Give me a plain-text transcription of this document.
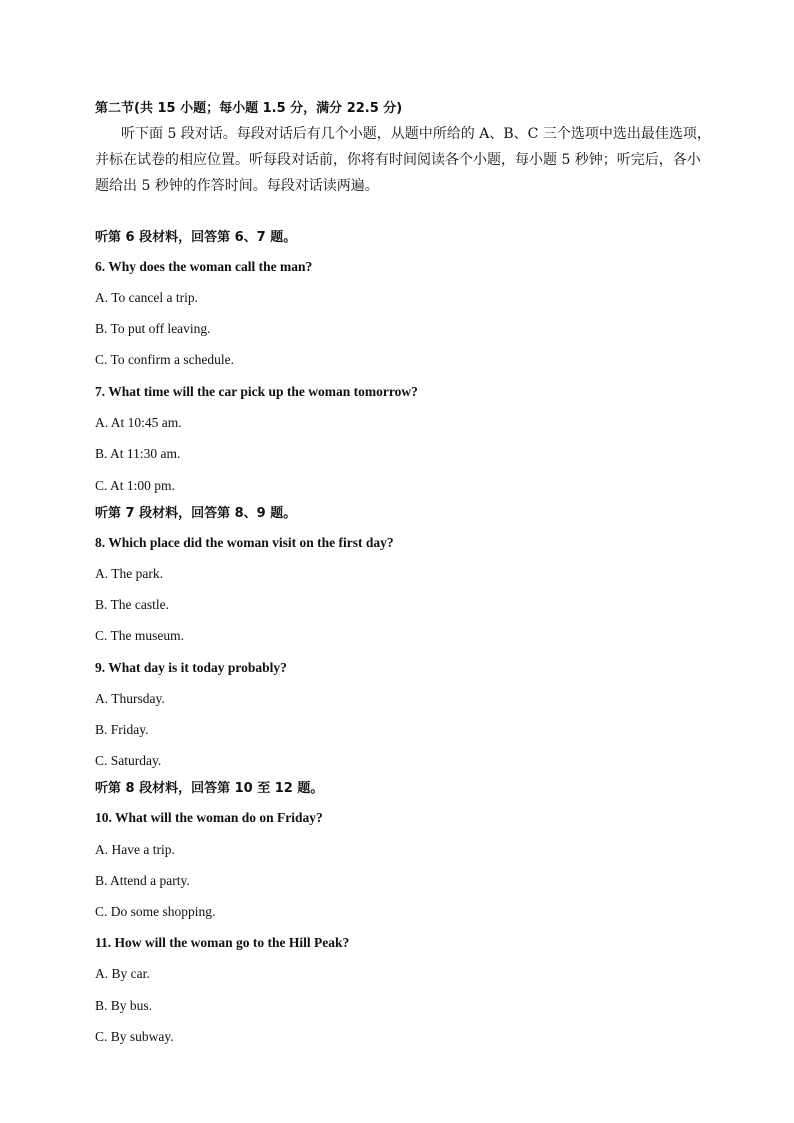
第二节(共 15 小题；每小题 1.5 分，满分 22.5 分)
听下面 5 段对话。每段对话后有几个小题，从题中所给的 A、B、C 三个选项中选出最佳选项，
并标在试卷的相应位置。听每段对话前，你将有时间阅读各个小题，每小题 5 秒钟；听完后，各小
题给出 5 秒钟的作答时间。每段对话读两遍。
听第 6 段材料，回答第 6、7 题。
6. Why does the woman call the man?
A. To cancel a trip.
B. To put off leaving.
C. To confirm a schedule.
7. What time will the car pick up the woman tomorrow?
A. At 10:45 am.
B. At 11:30 am.
C. At 1:00 pm.
听第 7 段材料，回答第 8、9 题。
8. Which place did the woman visit on the first day?
A. The park.
B. The castle.
C. The museum.
9. What day is it today probably?
A. Thursday.
B. Friday.
C. Saturday.
听第 8 段材料，回答第 10 至 12 题。
10. What will the woman do on Friday?
A. Have a trip.
B. Attend a party.
C. Do some shopping.
11. How will the woman go to the Hill Peak?
A. By car.
B. By bus.
C. By subway.
